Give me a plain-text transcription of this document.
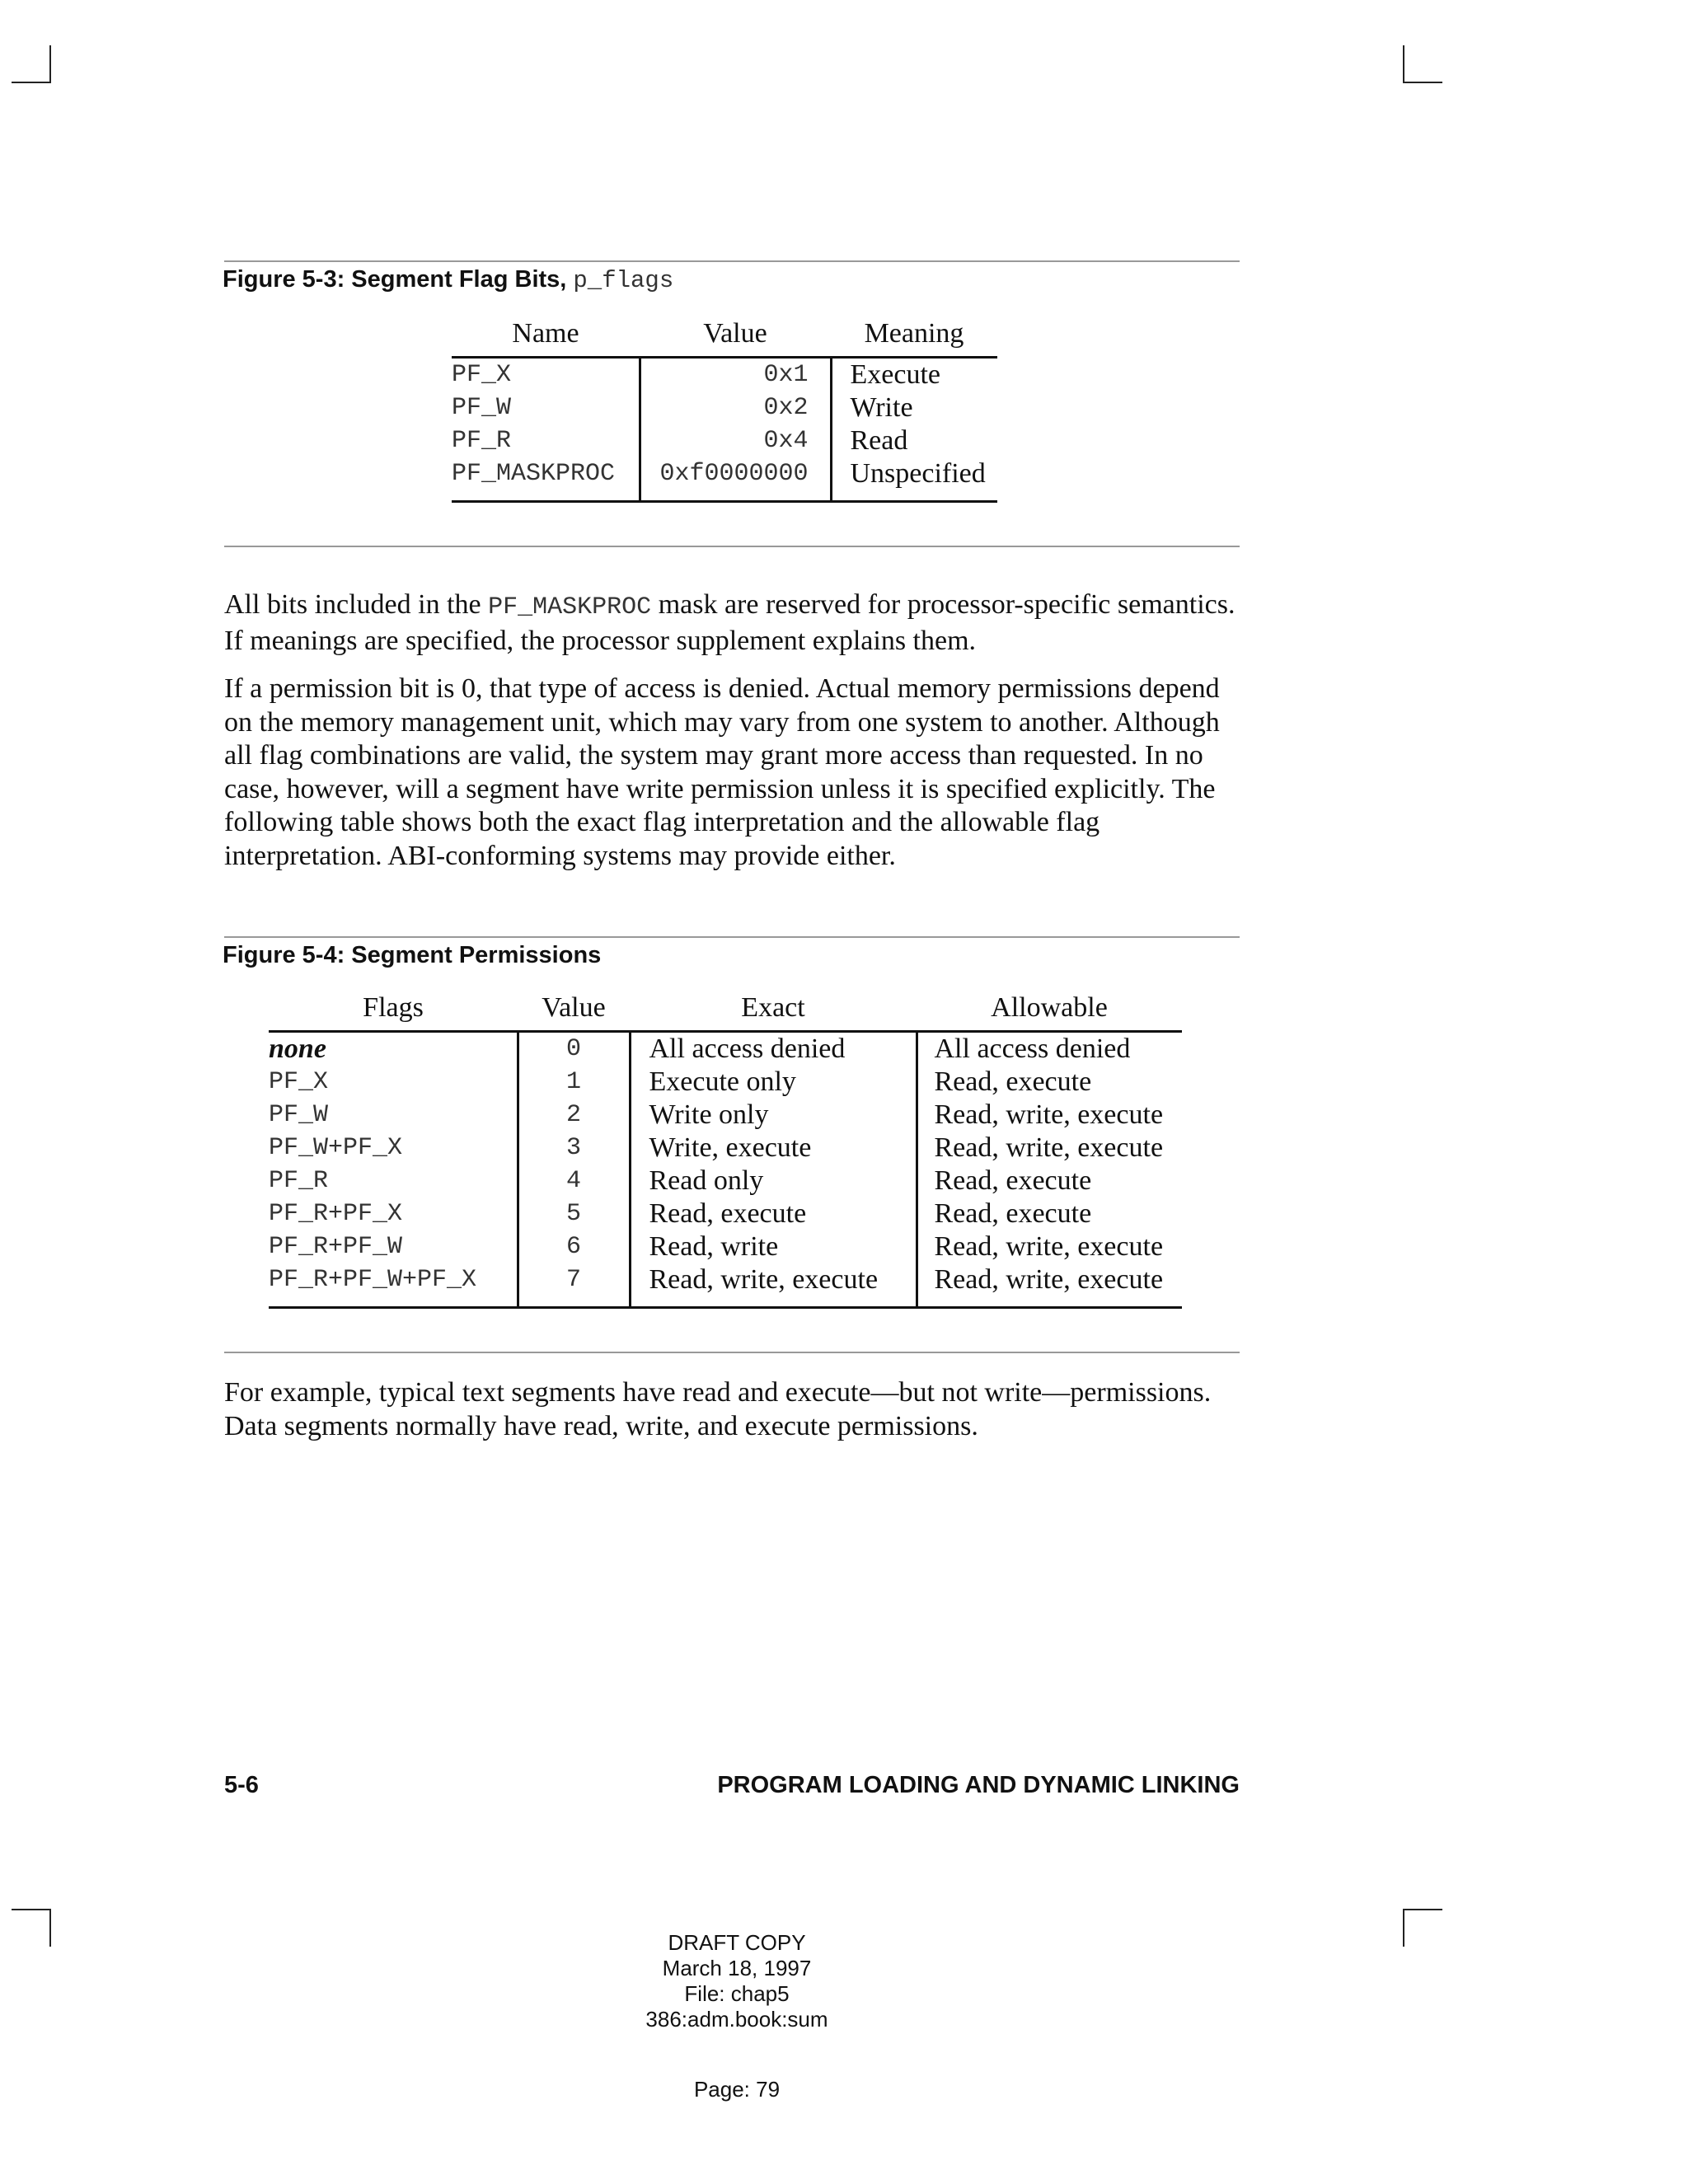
Figure 5-3: Segment Flag Bits, p_flags
Name	Value	Meaning
PF_X	0x1	Execute
PF_W	0x2	Write
PF_R	0x4	Read
PF_MASKPROC	0xf0000000	Unspecified

All bits included in the PF_MASKPROC mask are reserved for processor-specific semantics. If meanings are specified, the processor supplement explains them.

If a permission bit is 0, that type of access is denied. Actual memory permissions depend on the memory management unit, which may vary from one system to another. Although all flag combinations are valid, the system may grant more access than requested. In no case, however, will a segment have write permission unless it is specified explicitly. The following table shows both the exact flag interpretation and the allowable flag interpretation. ABI-conforming systems may provide either.

Figure 5-4: Segment Permissions
Flags	Value	Exact	Allowable
none	0	All access denied	All access denied
PF_X	1	Execute only	Read, execute
PF_W	2	Write only	Read, write, execute
PF_W+PF_X	3	Write, execute	Read, write, execute
PF_R	4	Read only	Read, execute
PF_R+PF_X	5	Read, execute	Read, execute
PF_R+PF_W	6	Read, write	Read, write, execute
PF_R+PF_W+PF_X	7	Read, write, execute	Read, write, execute

For example, typical text segments have read and execute—but not write—permissions. Data segments normally have read, write, and execute permissions.

5-6	PROGRAM LOADING AND DYNAMIC LINKING
DRAFT COPY
March 18, 1997
File: chap5
386:adm.book:sum
Page: 79
